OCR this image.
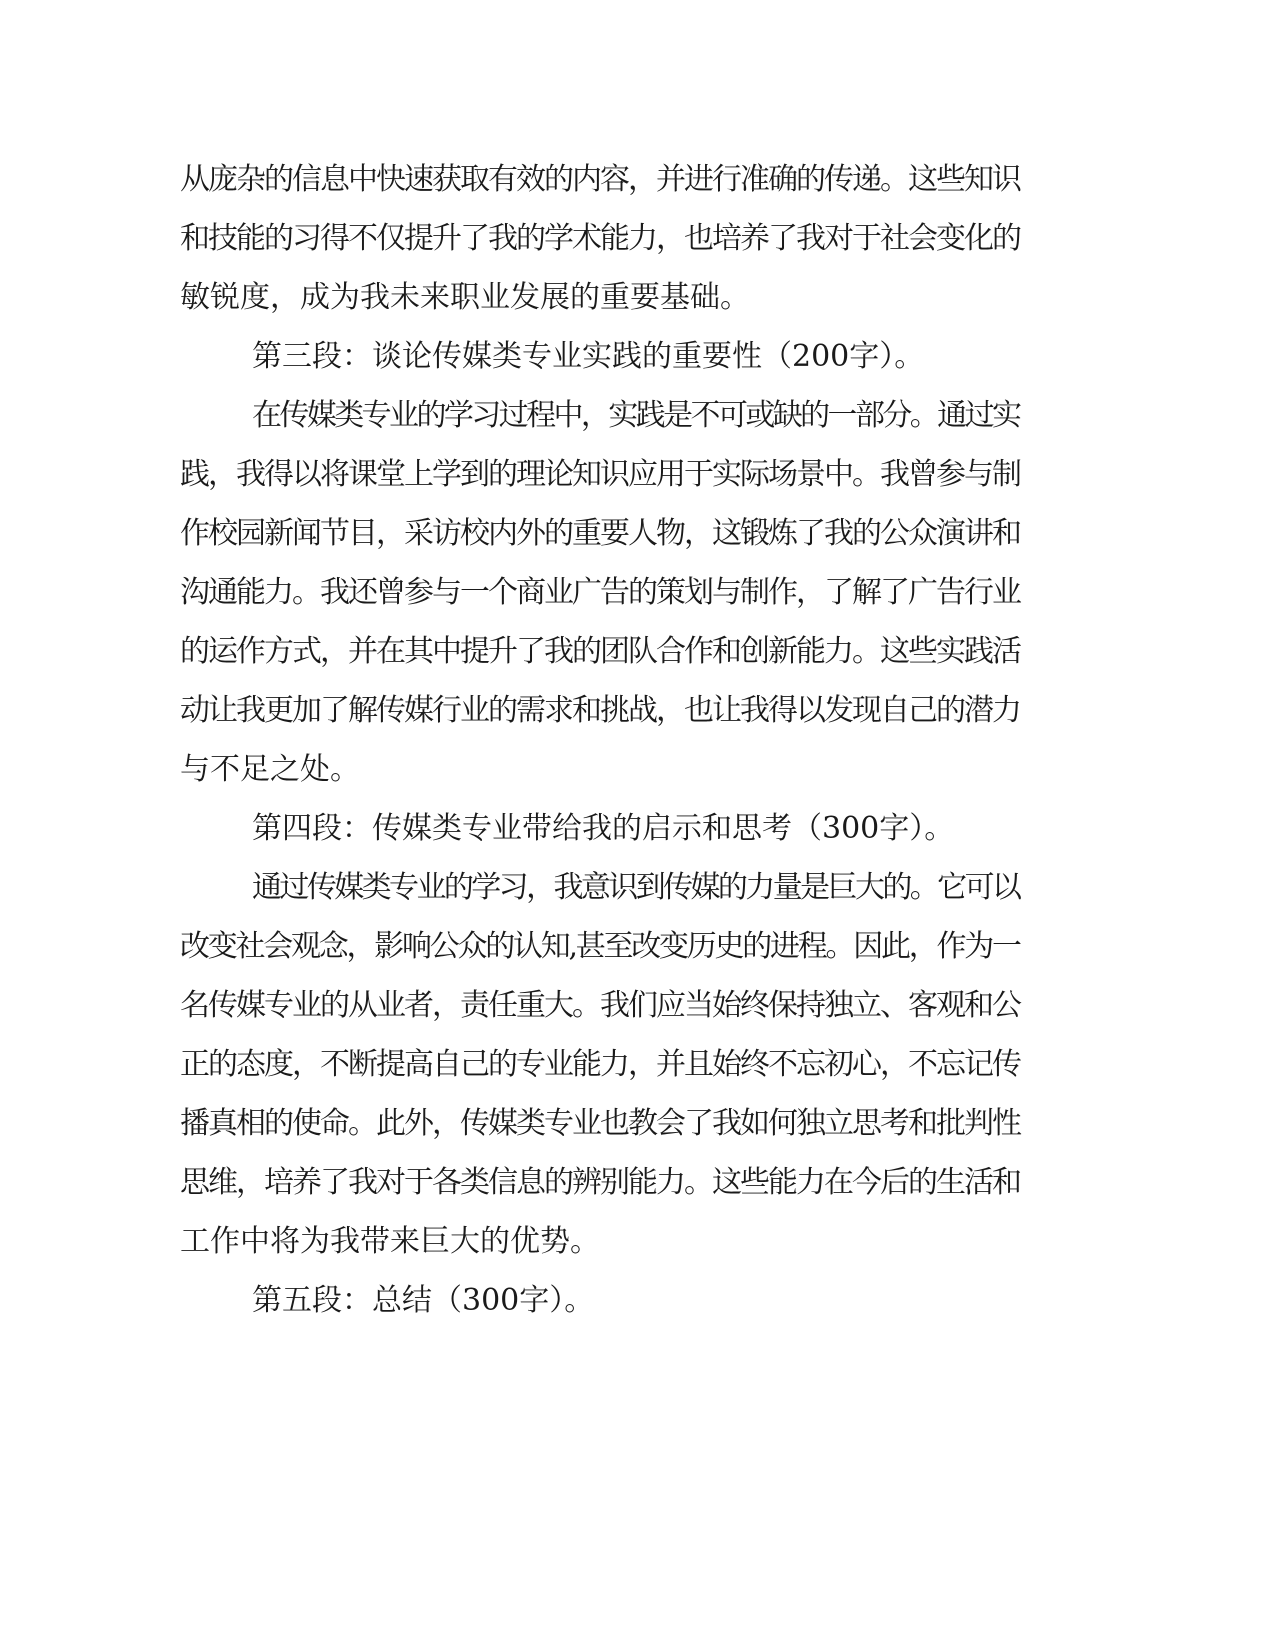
从庞杂的信息中快速获取有效的内容，并进行准确的传递。这些知识
和技能的习得不仅提升了我的学术能力，也培养了我对于社会变化的
敏锐度，成为我未来职业发展的重要基础。
第三段：谈论传媒类专业实践的重要性（200字）。
在传媒类专业的学习过程中，实践是不可或缺的一部分。通过实
践，我得以将课堂上学到的理论知识应用于实际场景中。我曾参与制
作校园新闻节目，采访校内外的重要人物，这锻炼了我的公众演讲和
沟通能力。我还曾参与一个商业广告的策划与制作，了解了广告行业
的运作方式，并在其中提升了我的团队合作和创新能力。这些实践活
动让我更加了解传媒行业的需求和挑战，也让我得以发现自己的潜力
与不足之处。
第四段：传媒类专业带给我的启示和思考（300字）。
通过传媒类专业的学习，我意识到传媒的力量是巨大的。它可以
改变社会观念，影响公众的认知,甚至改变历史的进程。因此，作为一
名传媒专业的从业者，责任重大。我们应当始终保持独立、客观和公
正的态度，不断提高自己的专业能力，并且始终不忘初心，不忘记传
播真相的使命。此外，传媒类专业也教会了我如何独立思考和批判性
思维，培养了我对于各类信息的辨别能力。这些能力在今后的生活和
工作中将为我带来巨大的优势。
第五段：总结（300字）。
